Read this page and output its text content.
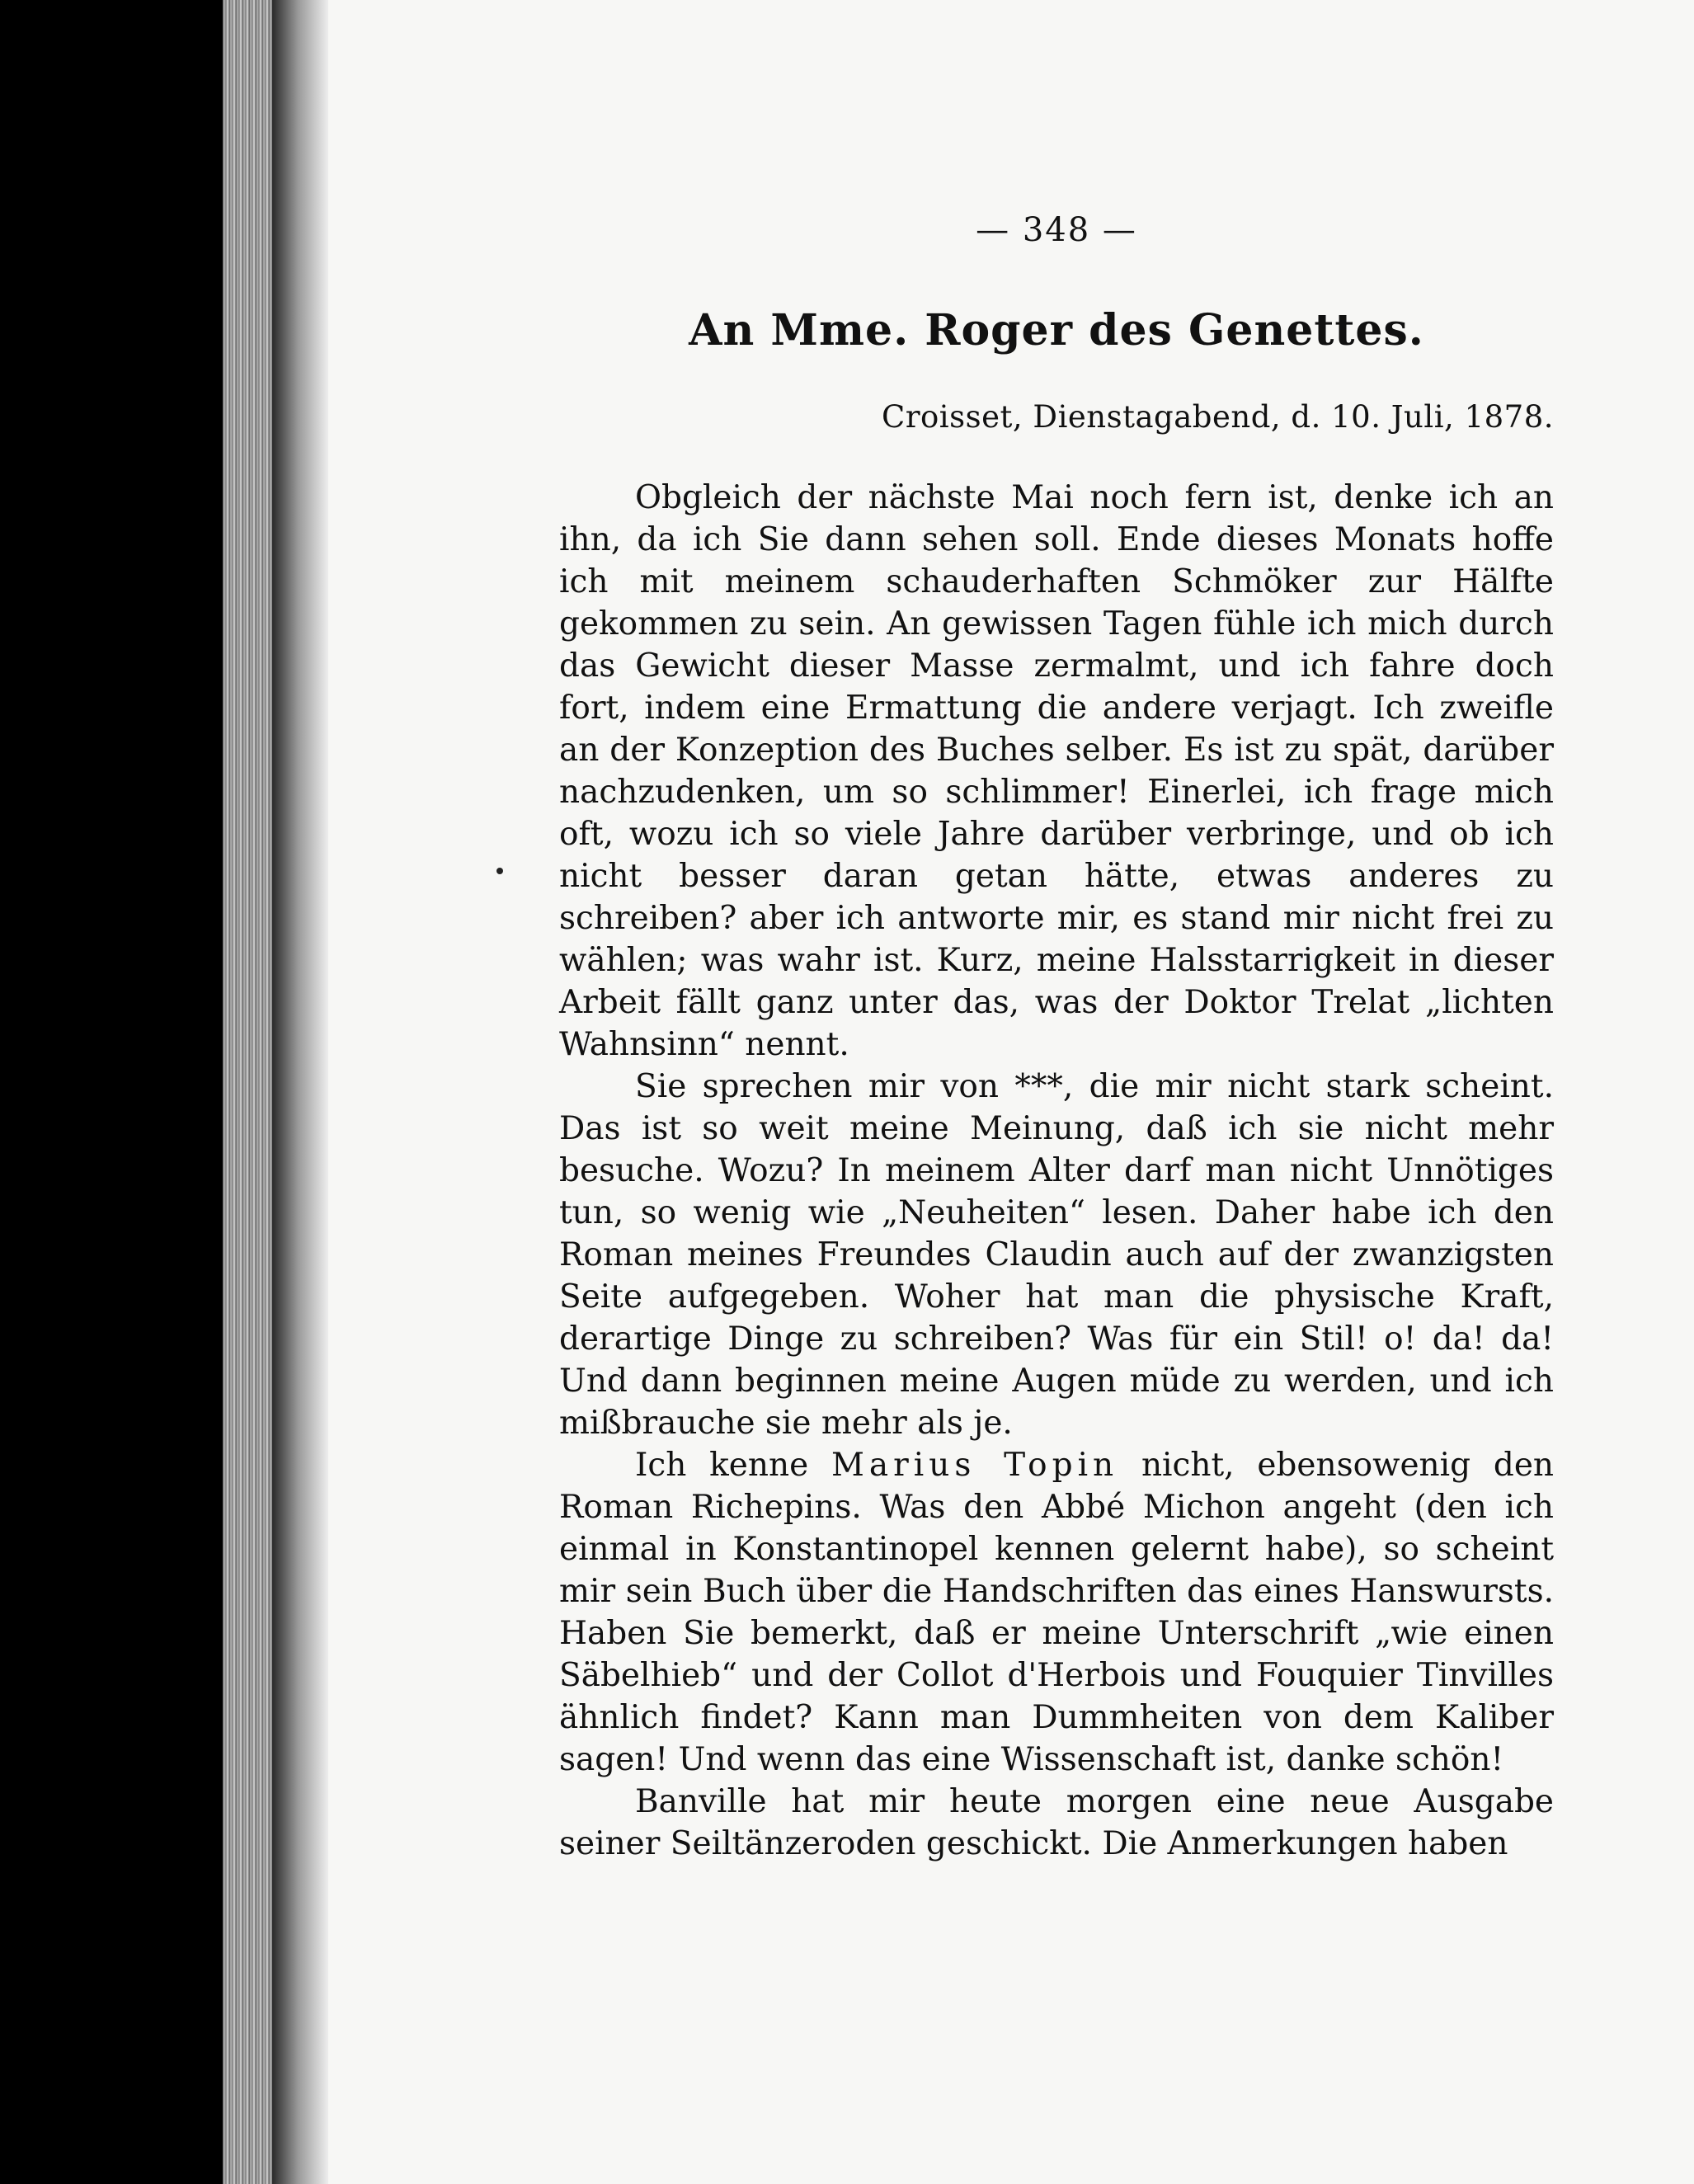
— 348 —
An Mme. Roger des Genettes.
Croisset, Dienstagabend, d. 10. Juli, 1878.

Obgleich der nächste Mai noch fern ist, denke ich an ihn, da ich Sie dann sehen soll. Ende dieses Monats hoffe ich mit meinem schauderhaften Schmöker zur Hälfte gekommen zu sein. An gewissen Tagen fühle ich mich durch das Gewicht dieser Masse zermalmt, und ich fahre doch fort, indem eine Ermattung die andere verjagt. Ich zweifle an der Konzeption des Buches selber. Es ist zu spät, darüber nachzudenken, um so schlimmer! Einerlei, ich frage mich oft, wozu ich so viele Jahre darüber verbringe, und ob ich nicht besser daran getan hätte, etwas anderes zu schreiben? aber ich antworte mir, es stand mir nicht frei zu wählen; was wahr ist. Kurz, meine Halsstarrigkeit in dieser Arbeit fällt ganz unter das, was der Doktor Trelat „lichten Wahnsinn“ nennt.

Sie sprechen mir von ***, die mir nicht stark scheint. Das ist so weit meine Meinung, daß ich sie nicht mehr besuche. Wozu? In meinem Alter darf man nicht Unnötiges tun, so wenig wie „Neuheiten“ lesen. Daher habe ich den Roman meines Freundes Claudin auch auf der zwanzigsten Seite aufgegeben. Woher hat man die physische Kraft, derartige Dinge zu schreiben? Was für ein Stil! o! da! da! Und dann beginnen meine Augen müde zu werden, und ich mißbrauche sie mehr als je.

Ich kenne Marius Topin nicht, ebensowenig den Roman Richepins. Was den Abbé Michon angeht (den ich einmal in Konstantinopel kennen gelernt habe), so scheint mir sein Buch über die Handschriften das eines Hanswursts. Haben Sie bemerkt, daß er meine Unterschrift „wie einen Säbelhieb“ und der Collot d'Herbois und Fouquier Tinvilles ähnlich findet? Kann man Dummheiten von dem Kaliber sagen! Und wenn das eine Wissenschaft ist, danke schön!

Banville hat mir heute morgen eine neue Ausgabe seiner Seiltänzeroden geschickt. Die Anmerkungen haben
